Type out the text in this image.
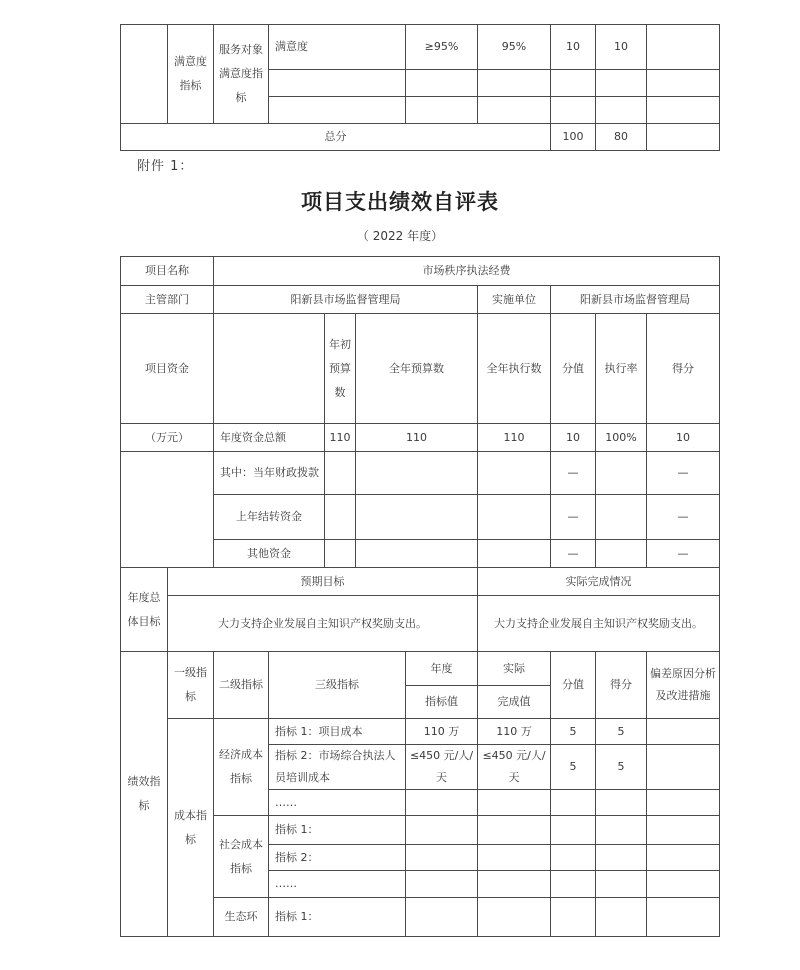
	满意度指标	服务对象满意度指标	满意度	≥95%	95%	10	10	

总分						100	80	
附件 1：
项目支出绩效自评表
（ 2022 年度）
项目名称		市场秩序执法经费								
主管部门		阳新县市场监督管理局					实施单位	阳新县市场监督管理局		
项目资金				年初预算数	全年预算数		全年执行数	分值	执行率	得分
（万元）		年度资金总额		110	110		110	10	100%	10
		其中：当年财政拨款						—		—
		上年结转资金						—		—
		其他资金						—		—
年度总体目标	预期目标						实际完成情况			
	大力支持企业发展自主知识产权奖励支出。						大力支持企业发展自主知识产权奖励支出。			
绩效指标	一级指标	二级指标	三级指标			年度	实际	分值	得分	偏差原因分析及改进措施
						指标值	完成值			
	成本指标	经济成本指标	指标 1：项目成本			110 万	110 万	5	5	
			指标 2：市场综合执法人员培训成本			≤450 元/人/天	≤450 元/人/天	5	5	
			……							
		社会成本指标	指标 1：							
			指标 2：							
			……							
		生态环	指标 1：							
